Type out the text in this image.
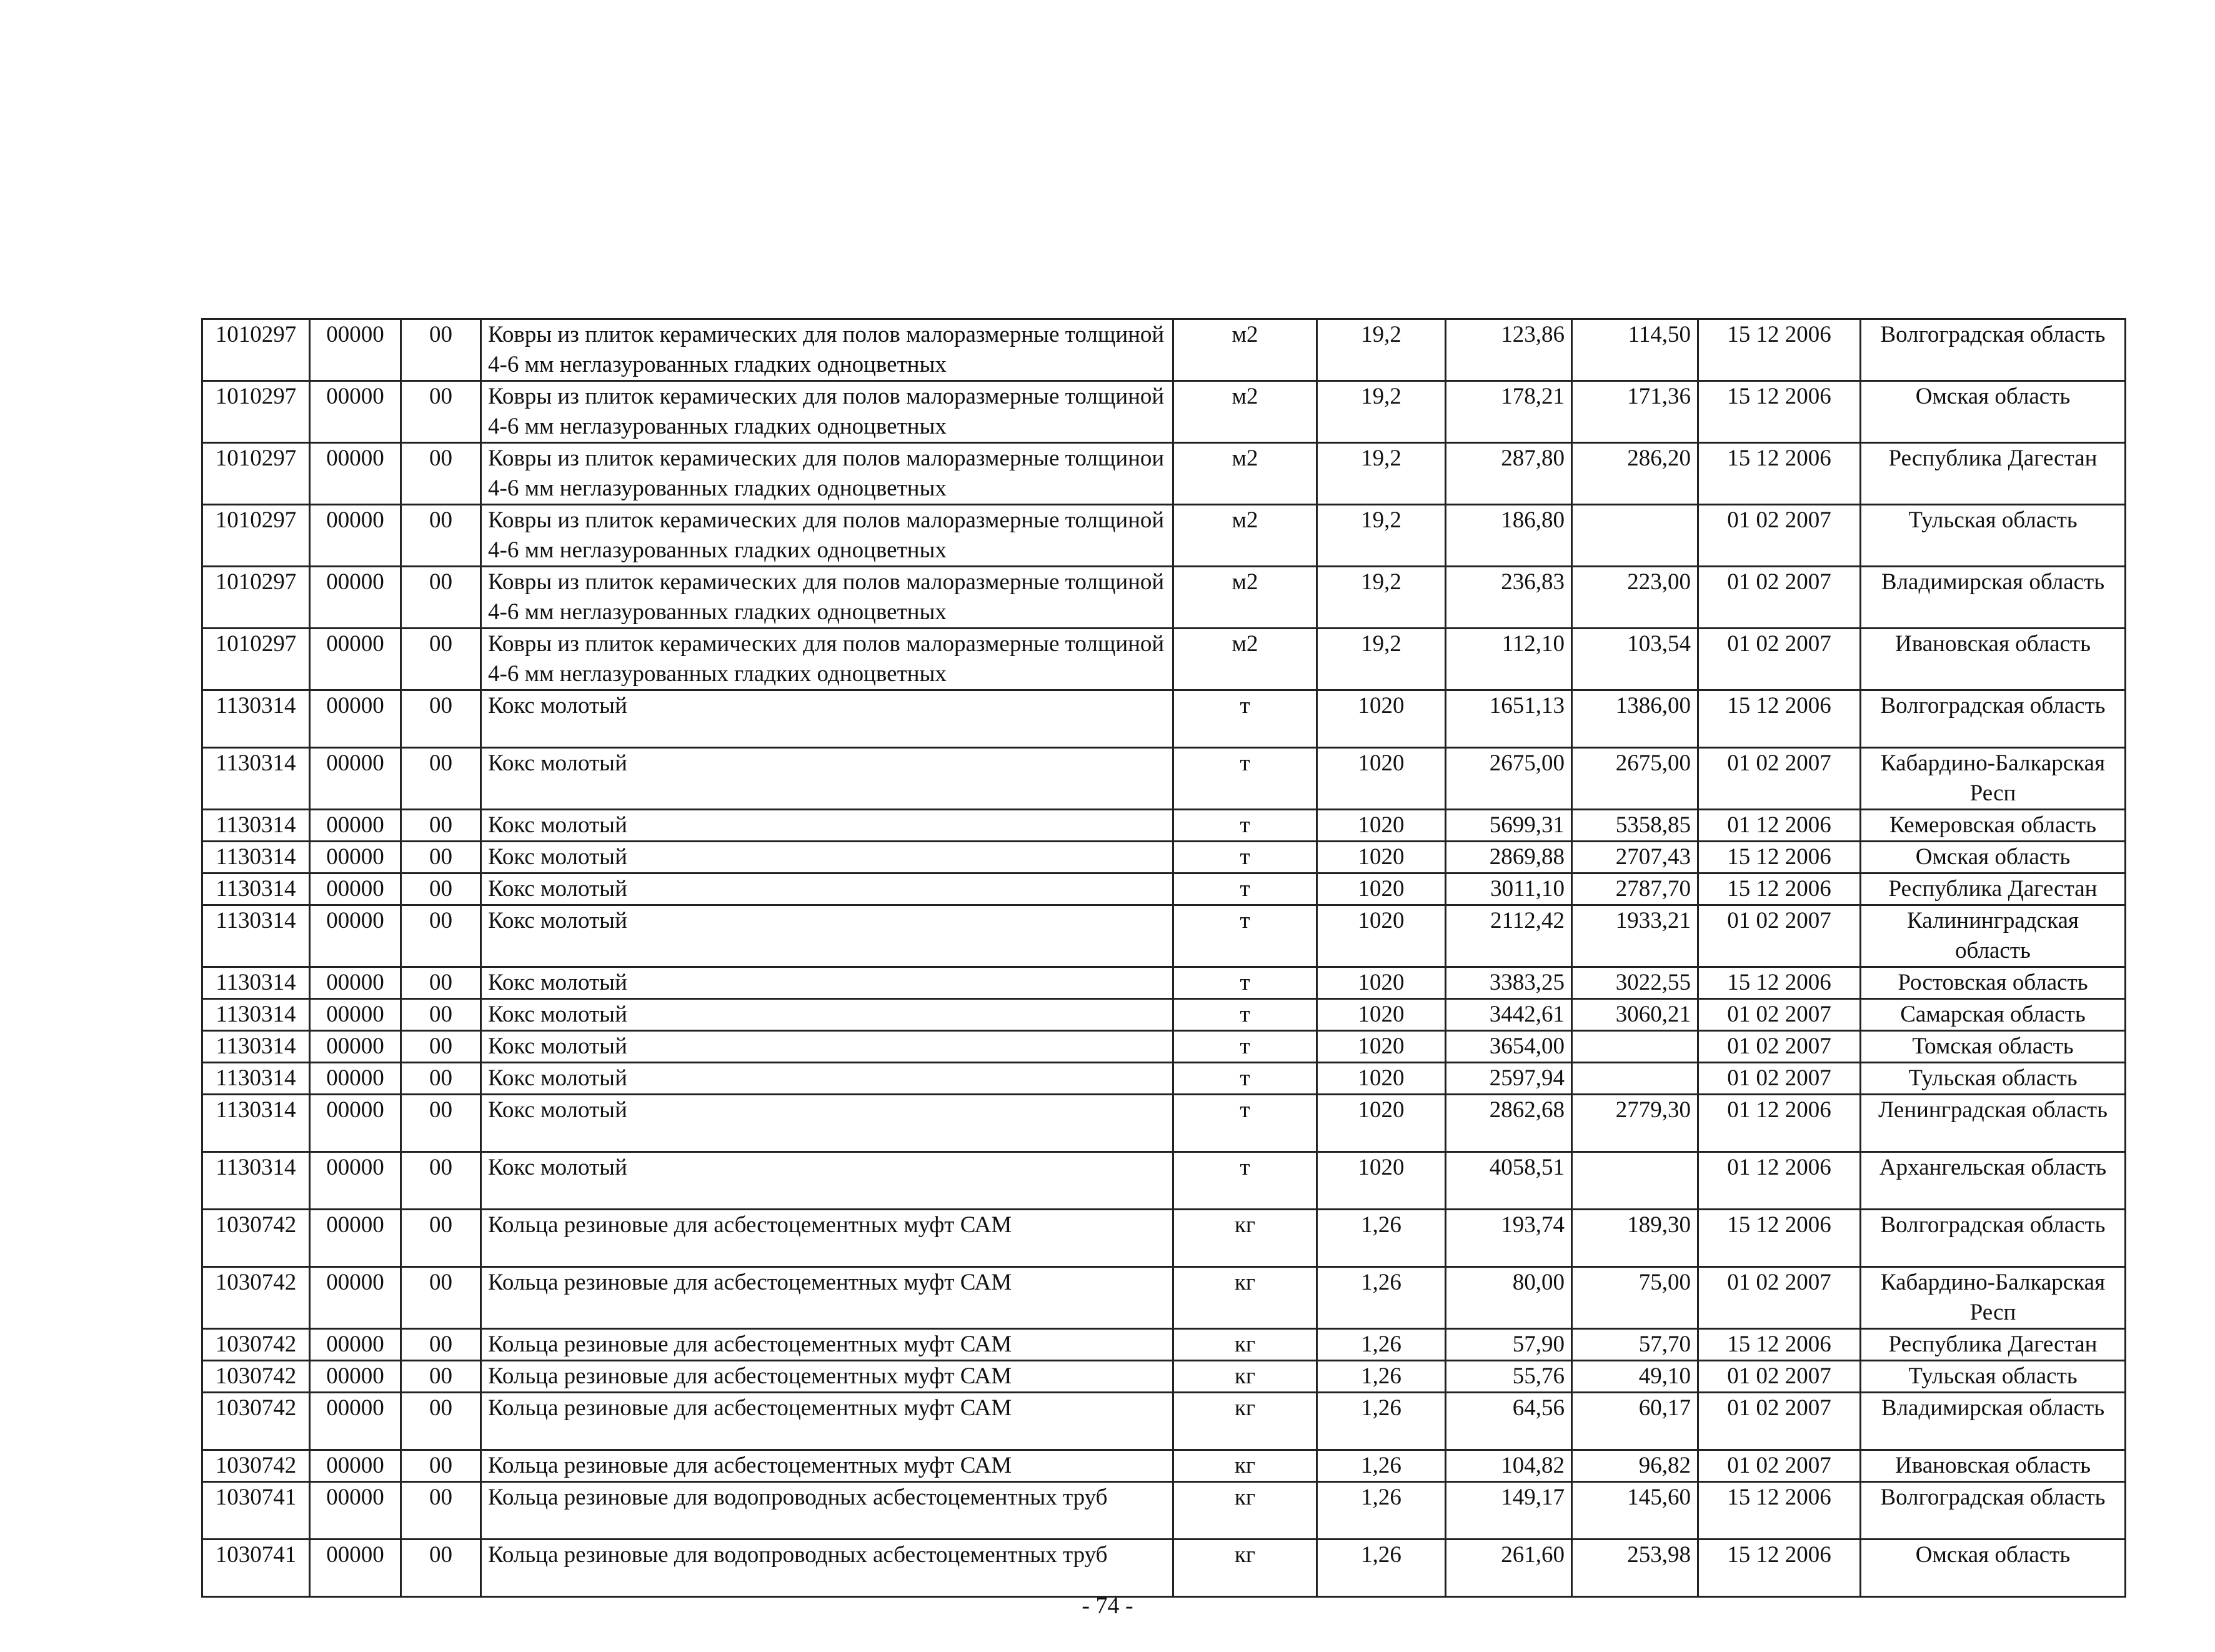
1010297	00000	00	Ковры из плиток керамических для полов малоразмерные толщиной 4-6 мм неглазурованных гладких одноцветных	м2	19,2	123,86	114,50	15 12 2006	Волгоградская область
1010297	00000	00	Ковры из плиток керамических для полов малоразмерные толщиной 4-6 мм неглазурованных гладких одноцветных	м2	19,2	178,21	171,36	15 12 2006	Омская область
1010297	00000	00	Ковры из плиток керамических для полов малоразмерные толщинои 4-6 мм неглазурованных гладких одноцветных	м2	19,2	287,80	286,20	15 12 2006	Республика Дагестан
1010297	00000	00	Ковры из плиток керамических для полов малоразмерные толщиной 4-6 мм неглазурованных гладких одноцветных	м2	19,2	186,80		01 02 2007	Тульская область
1010297	00000	00	Ковры из плиток керамических для полов малоразмерные толщиной 4-6 мм неглазурованных гладких одноцветных	м2	19,2	236,83	223,00	01 02 2007	Владимирская область
1010297	00000	00	Ковры из плиток керамических для полов малоразмерные толщиной 4-6 мм неглазурованных гладких одноцветных	м2	19,2	112,10	103,54	01 02 2007	Ивановская область
1130314	00000	00	Кокс молотый	т	1020	1651,13	1386,00	15 12 2006	Волгоградская область
1130314	00000	00	Кокс молотый	т	1020	2675,00	2675,00	01 02 2007	Кабардино-Балкарская Респ
1130314	00000	00	Кокс молотый	т	1020	5699,31	5358,85	01 12 2006	Кемеровская область
1130314	00000	00	Кокс молотый	т	1020	2869,88	2707,43	15 12 2006	Омская область
1130314	00000	00	Кокс молотый	т	1020	3011,10	2787,70	15 12 2006	Республика Дагестан
1130314	00000	00	Кокс молотый	т	1020	2112,42	1933,21	01 02 2007	Калининградская область
1130314	00000	00	Кокс молотый	т	1020	3383,25	3022,55	15 12 2006	Ростовская область
1130314	00000	00	Кокс молотый	т	1020	3442,61	3060,21	01 02 2007	Самарская область
1130314	00000	00	Кокс молотый	т	1020	3654,00		01 02 2007	Томская область
1130314	00000	00	Кокс молотый	т	1020	2597,94		01 02 2007	Тульская область
1130314	00000	00	Кокс молотый	т	1020	2862,68	2779,30	01 12 2006	Ленинградская область
1130314	00000	00	Кокс молотый	т	1020	4058,51		01 12 2006	Архангельская область
1030742	00000	00	Кольца резиновые для асбестоцементных муфт САМ	кг	1,26	193,74	189,30	15 12 2006	Волгоградская область
1030742	00000	00	Кольца резиновые для асбестоцементных муфт САМ	кг	1,26	80,00	75,00	01 02 2007	Кабардино-Балкарская Респ
1030742	00000	00	Кольца резиновые для асбестоцементных муфт САМ	кг	1,26	57,90	57,70	15 12 2006	Республика Дагестан
1030742	00000	00	Кольца резиновые для асбестоцементных муфт САМ	кг	1,26	55,76	49,10	01 02 2007	Тульская область
1030742	00000	00	Кольца резиновые для асбестоцементных муфт САМ	кг	1,26	64,56	60,17	01 02 2007	Владимирская область
1030742	00000	00	Кольца резиновые для асбестоцементных муфт САМ	кг	1,26	104,82	96,82	01 02 2007	Ивановская область
1030741	00000	00	Кольца резиновые для водопроводных асбестоцементных труб	кг	1,26	149,17	145,60	15 12 2006	Волгоградская область
1030741	00000	00	Кольца резиновые для водопроводных асбестоцементных труб	кг	1,26	261,60	253,98	15 12 2006	Омская область
- 74 -
